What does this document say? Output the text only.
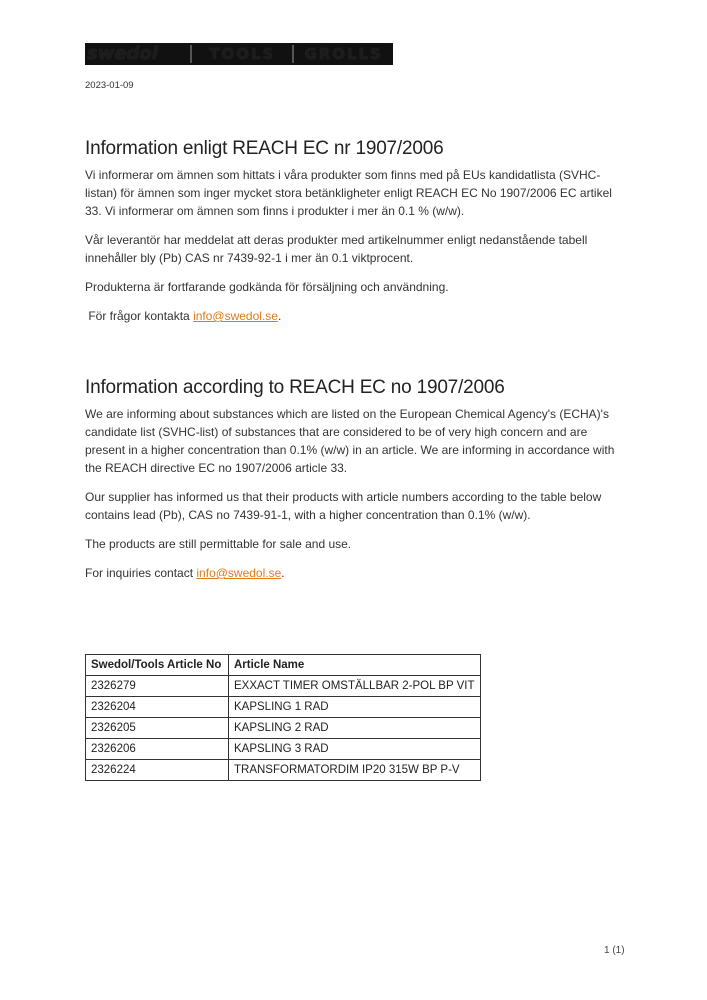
swedol	TOOLS	GROLLS
2023-01-09
Information enligt REACH EC nr 1907/2006

Vi informerar om ämnen som hittats i våra produkter som finns med på EUs kandidatlista (SVHC-listan) för ämnen som inger mycket stora betänkligheter enligt REACH EC No 1907/2006 EC artikel 33. Vi informerar om ämnen som finns i produkter i mer än 0.1 % (w/w).

Vår leverantör har meddelat att deras produkter med artikelnummer enligt nedanstående tabell innehåller bly (Pb) CAS nr 7439-92-1 i mer än 0.1 viktprocent.

Produkterna är fortfarande godkända för försäljning och användning.

För frågor kontakta info@swedol.se.

Information according to REACH EC no 1907/2006

We are informing about substances which are listed on the European Chemical Agency's (ECHA)'s candidate list (SVHC-list) of substances that are considered to be of very high concern and are present in a higher concentration than 0.1% (w/w) in an article. We are informing in accordance with the REACH directive EC no 1907/2006 article 33.

Our supplier has informed us that their products with article numbers according to the table below contains lead (Pb), CAS no 7439-91-1, with a higher concentration than 0.1% (w/w).

The products are still permittable for sale and use.

For inquiries contact info@swedol.se.

Swedol/Tools Article No	Article Name
2326279	EXXACT TIMER OMSTÄLLBAR 2-POL BP VIT
2326204	KAPSLING 1 RAD
2326205	KAPSLING 2 RAD
2326206	KAPSLING 3 RAD
2326224	TRANSFORMATORDIM IP20 315W BP P-V
1 (1)
